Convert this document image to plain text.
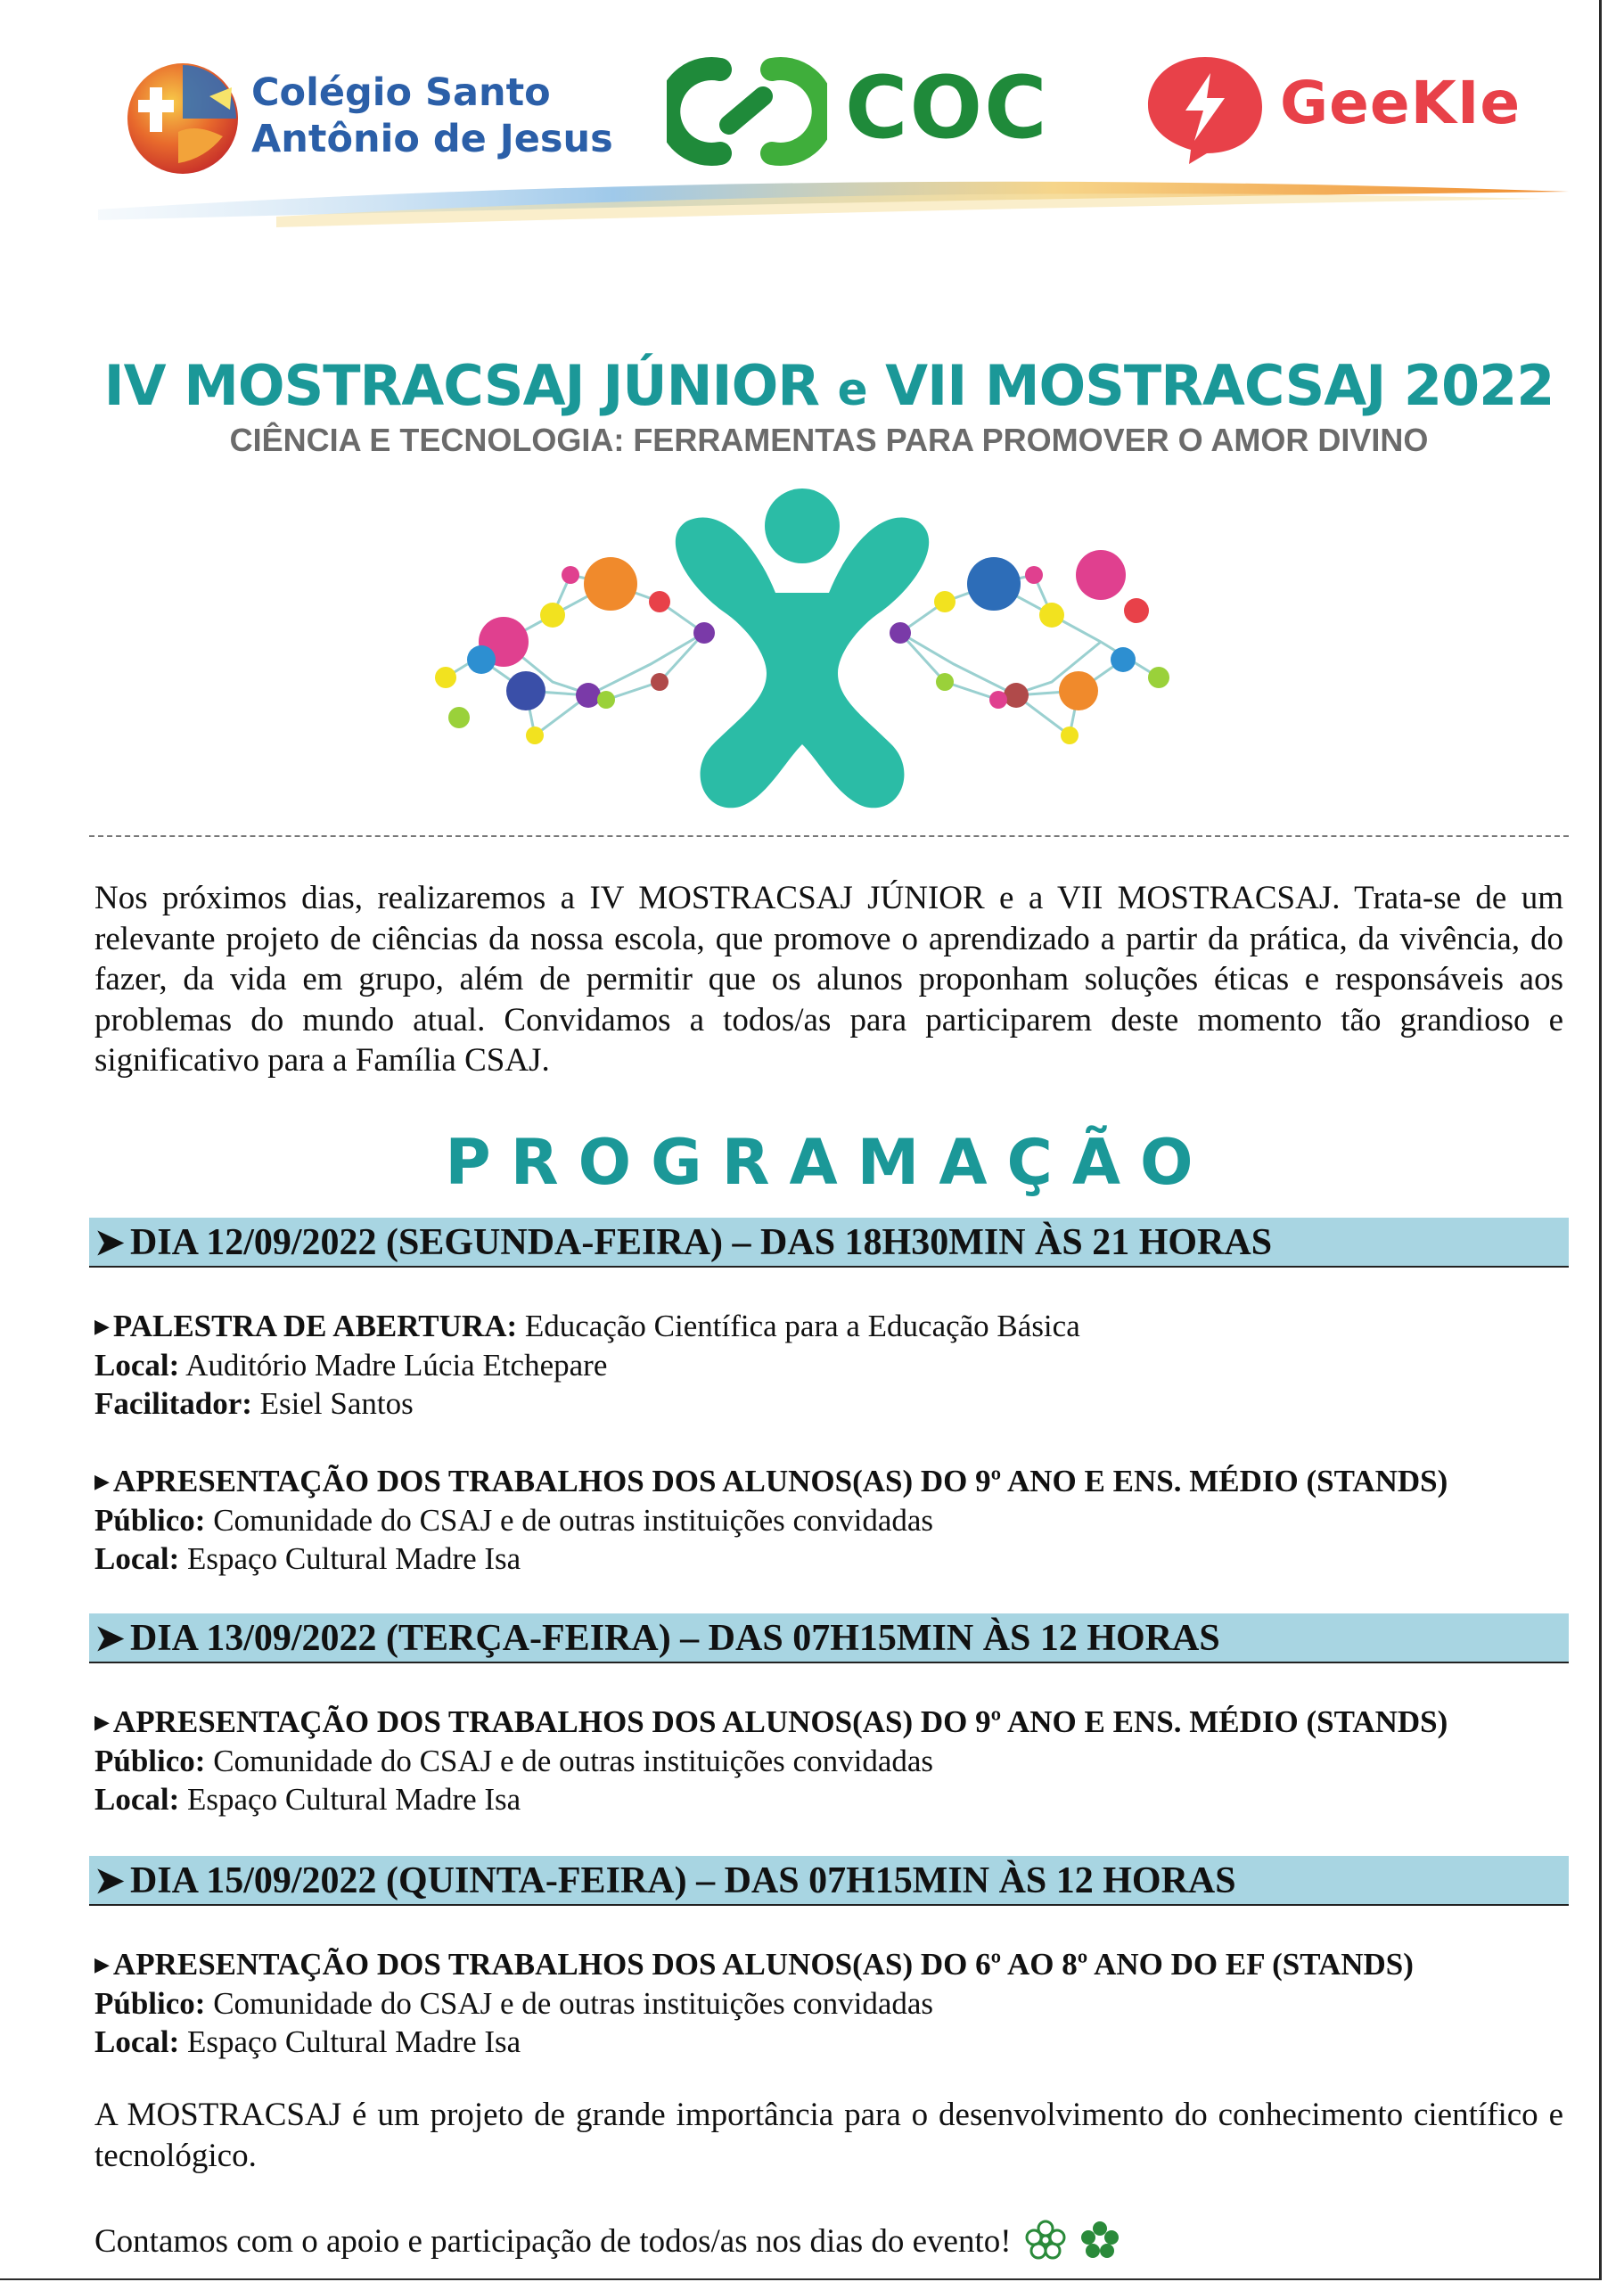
Colégio Santo
Antônio de Jesus	COC	GeeKIe
IV MOSTRACSAJ JÚNIOR e VII MOSTRACSAJ 2022
CIÊNCIA E TECNOLOGIA: FERRAMENTAS PARA PROMOVER O AMOR DIVINO
Nos próximos dias, realizaremos a IV MOSTRACSAJ JÚNIOR e a VII MOSTRACSAJ. Trata-se de um relevante projeto de ciências da nossa escola, que promove o aprendizado a partir da prática, da vivência, do fazer, da vida em grupo, além de permitir que os alunos proponham soluções éticas e responsáveis aos problemas do mundo atual. Convidamos a todos/as para participarem deste momento tão grandioso e significativo para a Família CSAJ.
PROGRAMAÇÃO
➤ DIA 12/09/2022 (SEGUNDA-FEIRA) – DAS 18H30MIN ÀS 21 HORAS
▶ PALESTRA DE ABERTURA: Educação Científica para a Educação Básica
Local: Auditório Madre Lúcia Etchepare
Facilitador: Esiel Santos
▶ APRESENTAÇÃO DOS TRABALHOS DOS ALUNOS(AS) DO 9º ANO E ENS. MÉDIO (STANDS)
Público: Comunidade do CSAJ e de outras instituições convidadas
Local: Espaço Cultural Madre Isa
➤ DIA 13/09/2022 (TERÇA-FEIRA) – DAS 07H15MIN ÀS 12 HORAS
▶ APRESENTAÇÃO DOS TRABALHOS DOS ALUNOS(AS) DO 9º ANO E ENS. MÉDIO (STANDS)
Público: Comunidade do CSAJ e de outras instituições convidadas
Local: Espaço Cultural Madre Isa
➤ DIA 15/09/2022 (QUINTA-FEIRA) – DAS 07H15MIN ÀS 12 HORAS
▶ APRESENTAÇÃO DOS TRABALHOS DOS ALUNOS(AS) DO 6º AO 8º ANO DO EF (STANDS)
Público: Comunidade do CSAJ e de outras instituições convidadas
Local: Espaço Cultural Madre Isa
A MOSTRACSAJ é um projeto de grande importância para o desenvolvimento do conhecimento científico e tecnológico.
Contamos com o apoio e participação de todos/as nos dias do evento!
